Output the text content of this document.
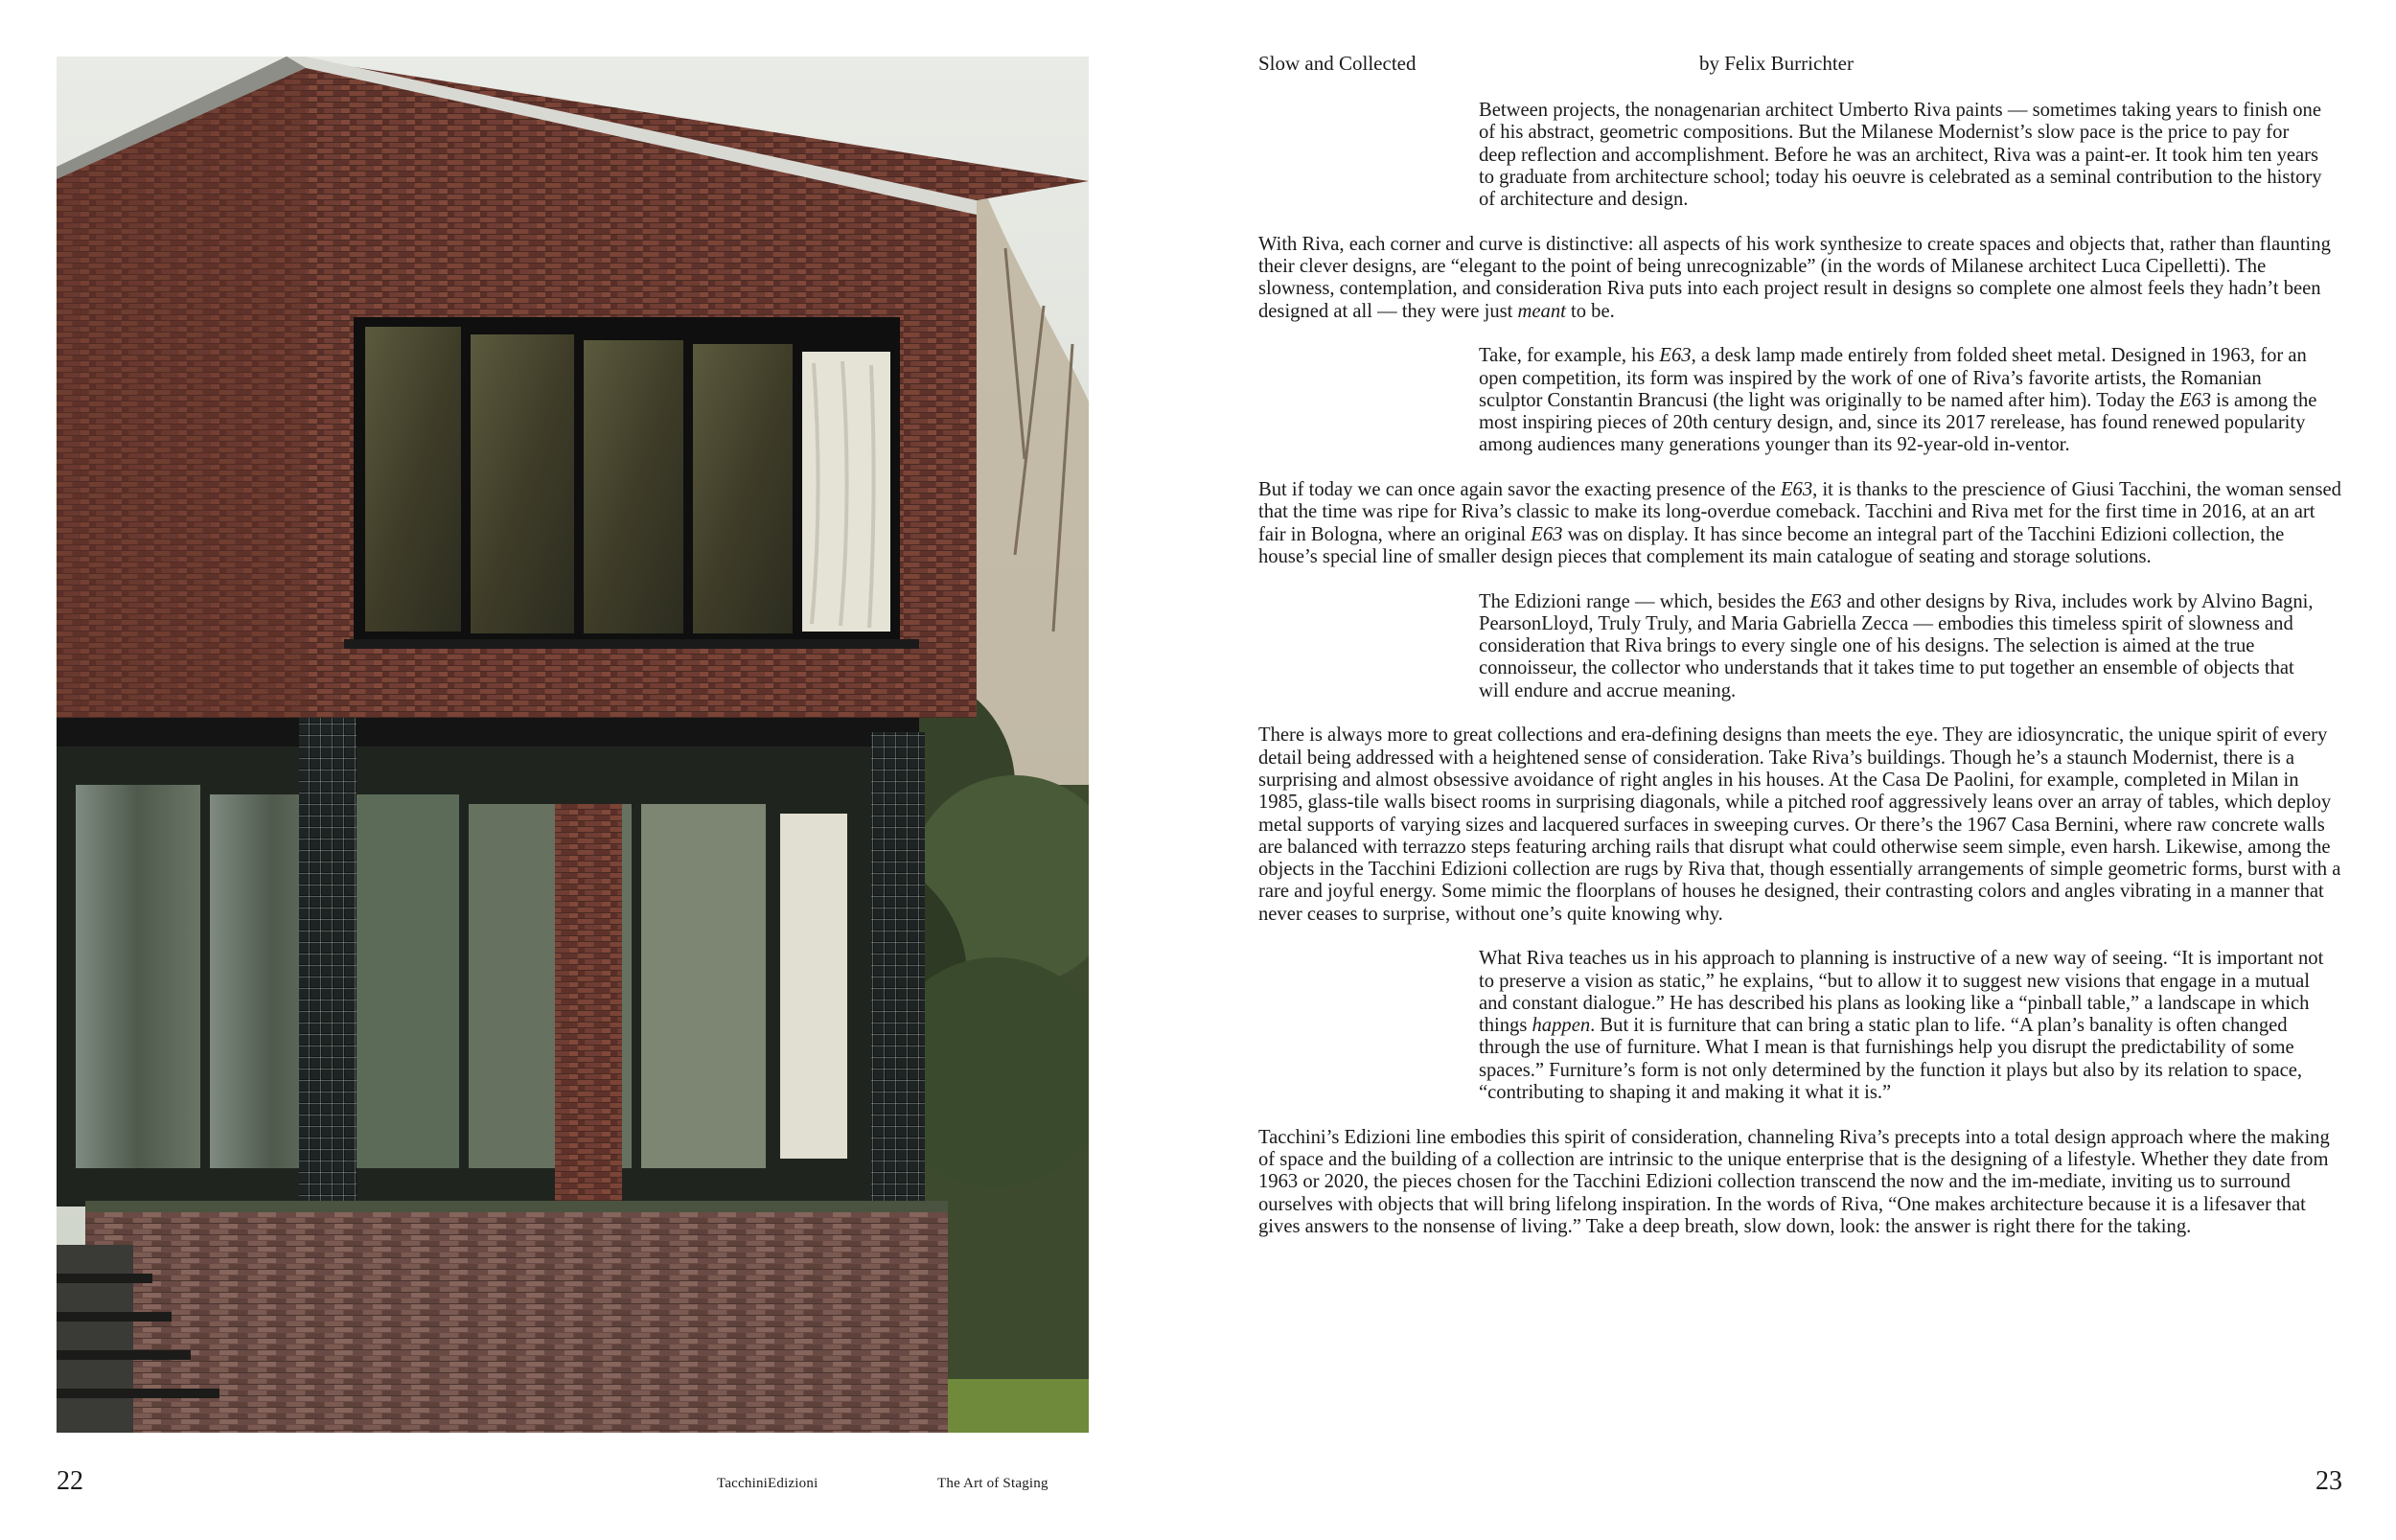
22	TacchiniEdizioni	The Art of Staging
Slow and Collected	by Felix Burrichter

Between projects, the nonagenarian architect Umberto Riva paints — sometimes taking years to finish one of his abstract, geometric compositions. But the Milanese Modernist’s slow pace is the price to pay for deep reflection and accomplishment. Before he was an architect, Riva was a paint-er. It took him ten years to graduate from architecture school; today his oeuvre is celebrated as a seminal contribution to the history of architecture and design.

With Riva, each corner and curve is distinctive: all aspects of his work synthesize to create spaces and objects that, rather than flaunting their clever designs, are “elegant to the point of being unrecognizable” (in the words of Milanese architect Luca Cipelletti). The slowness, contemplation, and consideration Riva puts into each project result in designs so complete one almost feels they hadn’t been designed at all — they were just meant to be.

Take, for example, his E63, a desk lamp made entirely from folded sheet metal. Designed in 1963, for an open competition, its form was inspired by the work of one of Riva’s favorite artists, the Romanian sculptor Constantin Brancusi (the light was originally to be named after him). Today the E63 is among the most inspiring pieces of 20th century design, and, since its 2017 rerelease, has found renewed popularity among audiences many generations younger than its 92-year-old in-ventor.

But if today we can once again savor the exacting presence of the E63, it is thanks to the prescience of Giusi Tacchini, the woman sensed that the time was ripe for Riva’s classic to make its long-overdue comeback. Tacchini and Riva met for the first time in 2016, at an art fair in Bologna, where an original E63 was on display. It has since become an integral part of the Tacchini Edizioni collection, the house’s special line of smaller design pieces that complement its main catalogue of seating and storage solutions.

The Edizioni range — which, besides the E63 and other designs by Riva, includes work by Alvino Bagni, PearsonLloyd, Truly Truly, and Maria Gabriella Zecca — embodies this timeless spirit of slowness and consideration that Riva brings to every single one of his designs. The selection is aimed at the true connoisseur, the collector who understands that it takes time to put together an ensemble of objects that will endure and accrue meaning.

There is always more to great collections and era-defining designs than meets the eye. They are idiosyncratic, the unique spirit of every detail being addressed with a heightened sense of consideration. Take Riva’s buildings. Though he’s a staunch Modernist, there is a surprising and almost obsessive avoidance of right angles in his houses. At the Casa De Paolini, for example, completed in Milan in 1985, glass-tile walls bisect rooms in surprising diagonals, while a pitched roof aggressively leans over an array of tables, which deploy metal supports of varying sizes and lacquered surfaces in sweeping curves. Or there’s the 1967 Casa Bernini, where raw concrete walls are balanced with terrazzo steps featuring arching rails that disrupt what could otherwise seem simple, even harsh. Likewise, among the objects in the Tacchini Edizioni collection are rugs by Riva that, though essentially arrangements of simple geometric forms, burst with a rare and joyful energy. Some mimic the floorplans of houses he designed, their contrasting colors and angles vibrating in a manner that never ceases to surprise, without one’s quite knowing why.

What Riva teaches us in his approach to planning is instructive of a new way of seeing. “It is important not to preserve a vision as static,” he explains, “but to allow it to suggest new visions that engage in a mutual and constant dialogue.” He has described his plans as looking like a “pinball table,” a landscape in which things happen. But it is furniture that can bring a static plan to life. “A plan’s banality is often changed through the use of furniture. What I mean is that furnishings help you disrupt the predictability of some spaces.” Furniture’s form is not only determined by the function it plays but also by its relation to space, “contributing to shaping it and making it what it is.”

Tacchini’s Edizioni line embodies this spirit of consideration, channeling Riva’s precepts into a total design approach where the making of space and the building of a collection are intrinsic to the unique enterprise that is the designing of a lifestyle. Whether they date from 1963 or 2020, the pieces chosen for the Tacchini Edizioni collection transcend the now and the im-mediate, inviting us to surround ourselves with objects that will bring lifelong inspiration. In the words of Riva, “One makes architecture because it is a lifesaver that gives answers to the nonsense of living.” Take a deep breath, slow down, look: the answer is right there for the taking.

23
